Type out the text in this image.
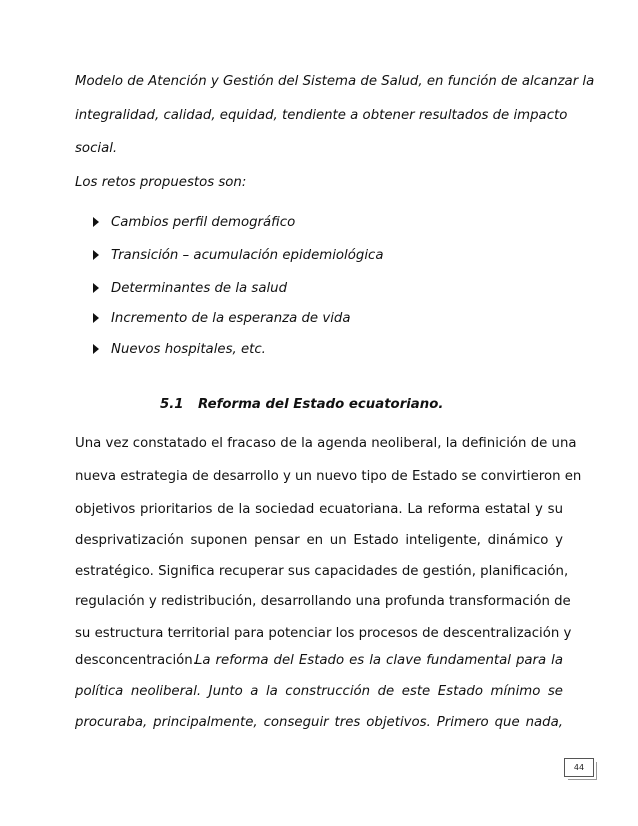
Modelo de Atención y Gestión del Sistema de Salud, en función de alcanzar la
integralidad, calidad, equidad, tendiente a obtener resultados de impacto
social.
Los retos propuestos son:
Cambios perfil demográfico
Transición – acumulación epidemiológica
Determinantes de la salud
Incremento de la esperanza de vida
Nuevos hospitales, etc.
5.1 Reforma del Estado ecuatoriano.
Una vez constatado el fracaso de la agenda neoliberal, la definición de una
nueva estrategia de desarrollo y un nuevo tipo de Estado se convirtieron en
objetivos prioritarios de la sociedad ecuatoriana. La reforma estatal y su
desprivatización suponen pensar en un Estado inteligente, dinámico y
estratégico. Significa recuperar sus capacidades de gestión, planificación,
regulación y redistribución, desarrollando una profunda transformación de
su estructura territorial para potenciar los procesos de descentralización y
desconcentración.
La reforma del Estado es la clave fundamental para la
política neoliberal. Junto a la construcción de este Estado mínimo se
procuraba, principalmente, conseguir tres objetivos. Primero que nada,
44
